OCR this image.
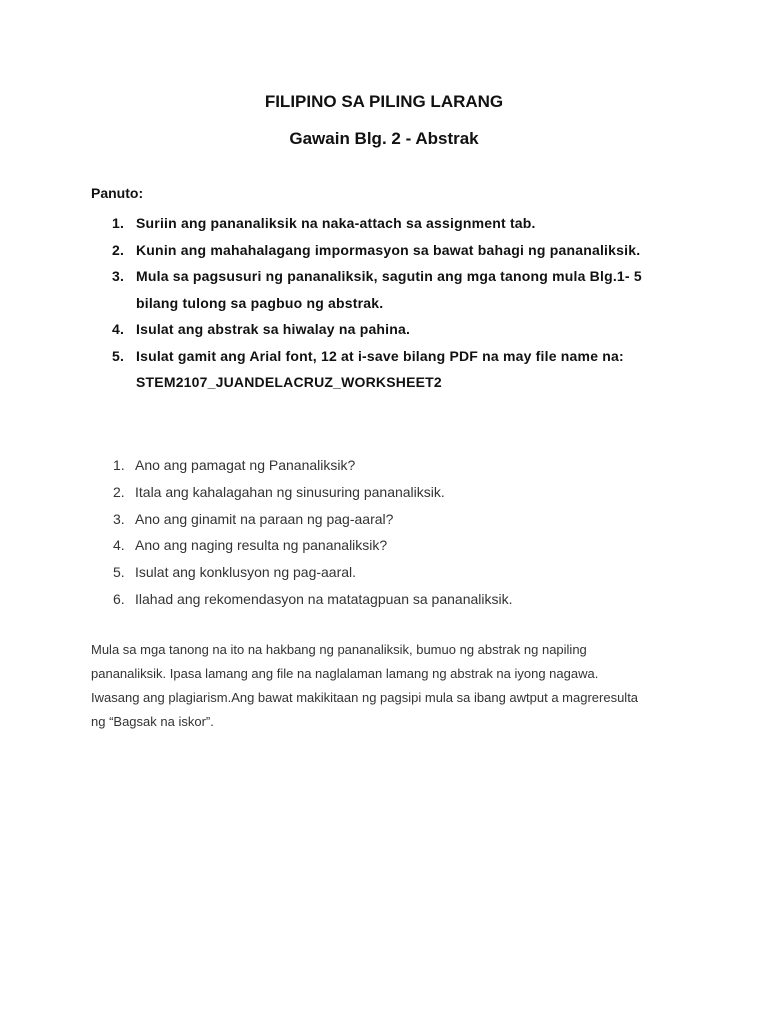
FILIPINO SA PILING LARANG
Gawain Blg. 2 - Abstrak
Panuto:
1. Suriin ang pananaliksik na naka-attach sa assignment tab.
2. Kunin ang mahahalagang impormasyon sa bawat bahagi ng pananaliksik.
3. Mula sa pagsusuri ng pananaliksik, sagutin ang mga tanong mula Blg.1- 5
bilang tulong sa pagbuo ng abstrak.
4. Isulat ang abstrak sa hiwalay na pahina.
5. Isulat gamit ang Arial font, 12 at i-save bilang PDF na may file name na:
STEM2107_JUANDELACRUZ_WORKSHEET2
1. Ano ang pamagat ng Pananaliksik?
2. Itala ang kahalagahan ng sinusuring pananaliksik.
3. Ano ang ginamit na paraan ng pag-aaral?
4. Ano ang naging resulta ng pananaliksik?
5. Isulat ang konklusyon ng pag-aaral.
6. Ilahad ang rekomendasyon na matatagpuan sa pananaliksik.
Mula sa mga tanong na ito na hakbang ng pananaliksik, bumuo ng abstrak ng napiling
pananaliksik. Ipasa lamang ang file na naglalaman lamang ng abstrak na iyong nagawa.
Iwasang ang plagiarism.Ang bawat makikitaan ng pagsipi mula sa ibang awtput a magreresulta
ng “Bagsak na iskor”.
